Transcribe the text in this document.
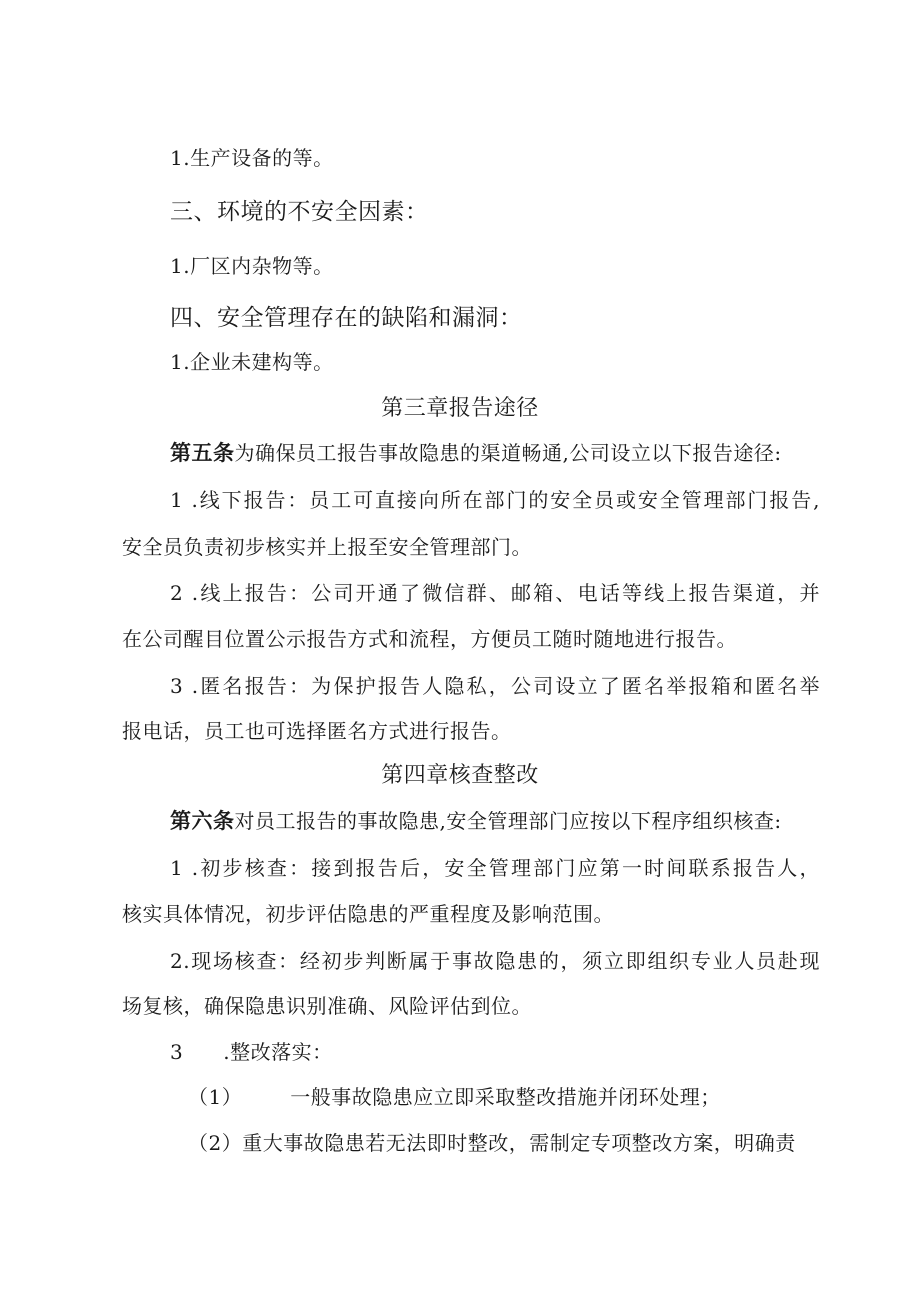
1.生产设备的等。
三、环境的不安全因素：
1.厂区内杂物等。
四、安全管理存在的缺陷和漏洞：
1.企业未建构等。
第三章报告途径
第五条为确保员工报告事故隐患的渠道畅通,公司设立以下报告途径:
1 .线下报告：员工可直接向所在部门的安全员或安全管理部门报告,
安全员负责初步核实并上报至安全管理部门。
2 .线上报告：公司开通了微信群、邮箱、电话等线上报告渠道，并
在公司醒目位置公示报告方式和流程，方便员工随时随地进行报告。
3 .匿名报告：为保护报告人隐私，公司设立了匿名举报箱和匿名举
报电话，员工也可选择匿名方式进行报告。
第四章核查整改
第六条对员工报告的事故隐患,安全管理部门应按以下程序组织核查:
1 .初步核查：接到报告后，安全管理部门应第一时间联系报告人，
核实具体情况，初步评估隐患的严重程度及影响范围。
2.现场核查：经初步判断属于事故隐患的，须立即组织专业人员赴现
场复核，确保隐患识别准确、风险评估到位。
3 .整改落实：
（1） 一般事故隐患应立即采取整改措施并闭环处理；
（2）重大事故隐患若无法即时整改，需制定专项整改方案，明确责
